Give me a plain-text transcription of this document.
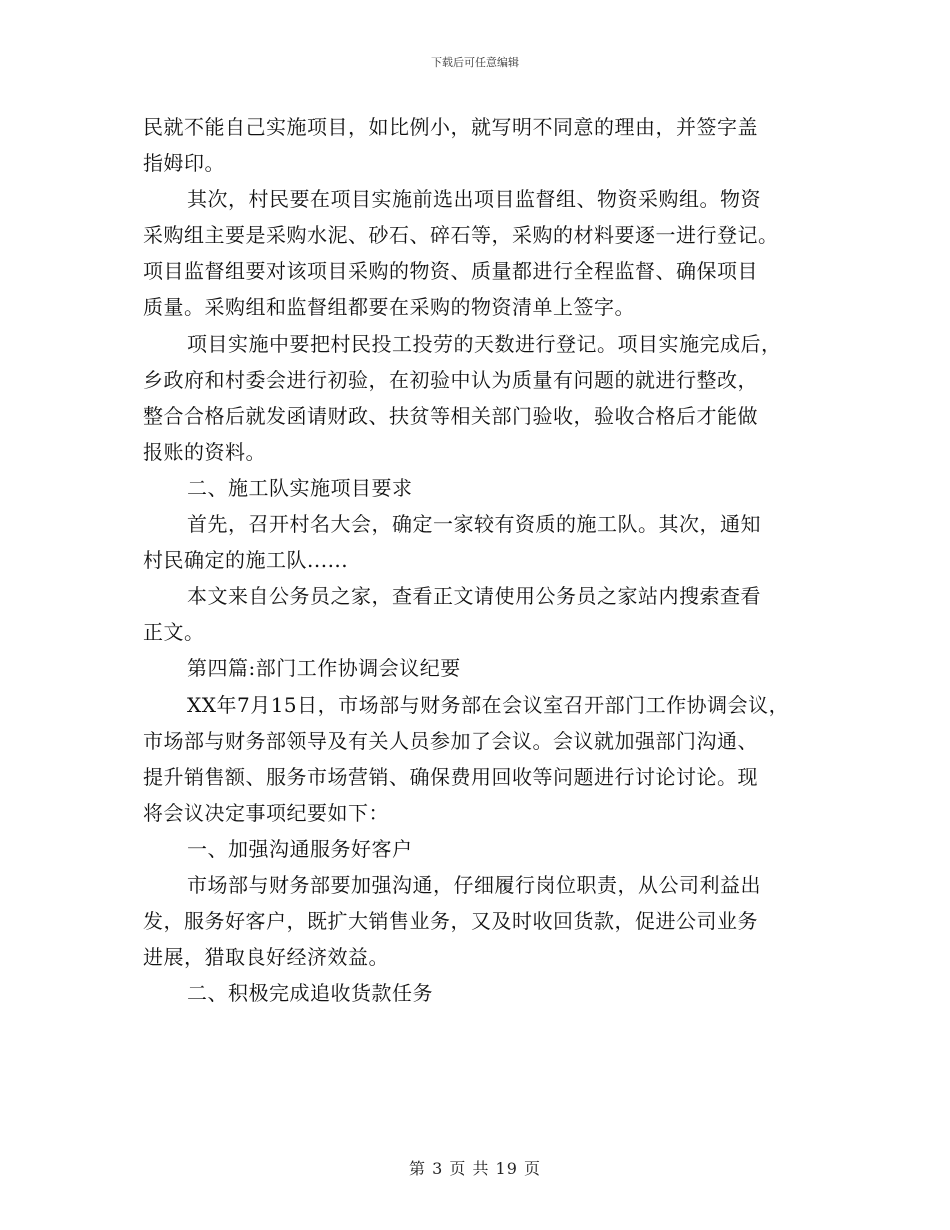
下载后可任意编辑
民就不能自己实施项目，如比例小，就写明不同意的理由，并签字盖
指姆印。
其次，村民要在项目实施前选出项目监督组、物资采购组。物资
采购组主要是采购水泥、砂石、碎石等，采购的材料要逐一进行登记。
项目监督组要对该项目采购的物资、质量都进行全程监督、确保项目
质量。采购组和监督组都要在采购的物资清单上签字。
项目实施中要把村民投工投劳的天数进行登记。项目实施完成后，
乡政府和村委会进行初验，在初验中认为质量有问题的就进行整改，
整合合格后就发函请财政、扶贫等相关部门验收，验收合格后才能做
报账的资料。
二、施工队实施项目要求
首先，召开村名大会，确定一家较有资质的施工队。其次，通知
村民确定的施工队......
本文来自公务员之家，查看正文请使用公务员之家站内搜索查看
正文。
第四篇:部门工作协调会议纪要
XX年7月15日，市场部与财务部在会议室召开部门工作协调会议，
市场部与财务部领导及有关人员参加了会议。会议就加强部门沟通、
提升销售额、服务市场营销、确保费用回收等问题进行讨论讨论。现
将会议决定事项纪要如下：
一、加强沟通服务好客户
市场部与财务部要加强沟通，仔细履行岗位职责，从公司利益出
发，服务好客户，既扩大销售业务，又及时收回货款，促进公司业务
进展，猎取良好经济效益。
二、积极完成追收货款任务
第 3 页 共 19 页
